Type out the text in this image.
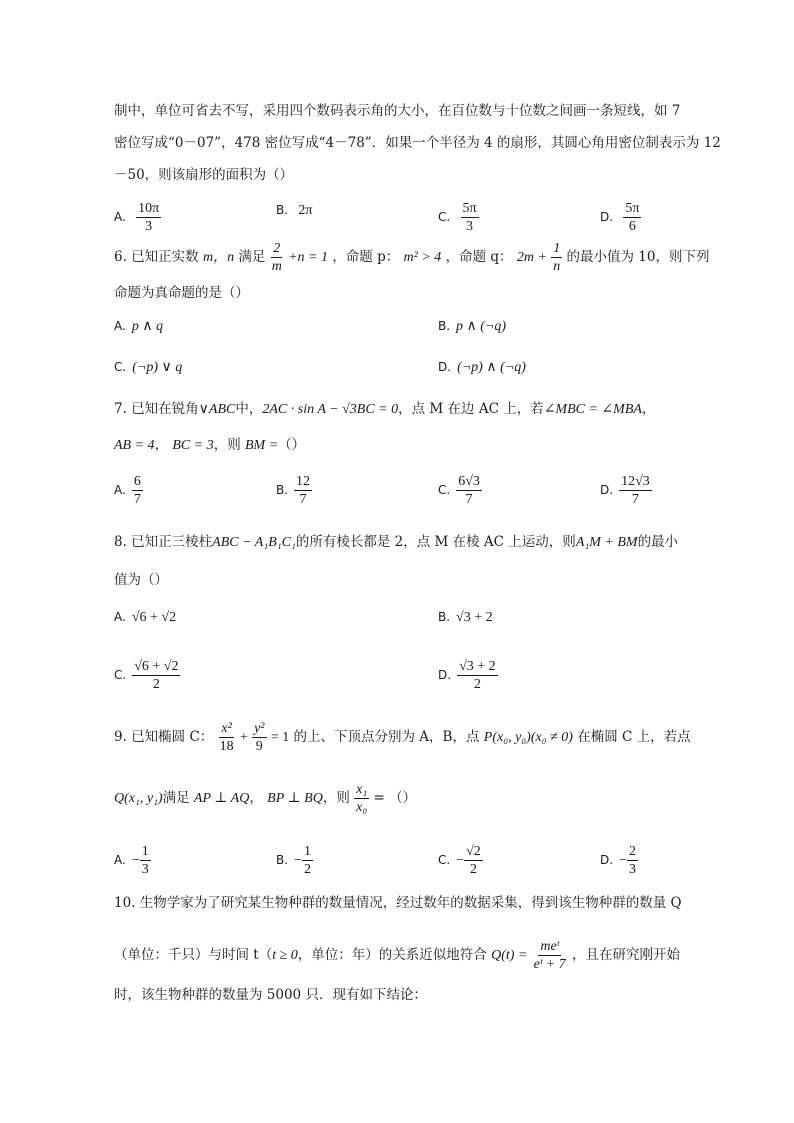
制中，单位可省去不写，采用四个数码表示角的大小，在百位数与十位数之间画一条短线，如 7
密位写成“0－07”，478 密位写成“4－78”．如果一个半径为 4 的扇形，其圆心角用密位制表示为 12
－50，则该扇形的面积为（）
A. $\frac{10\pi}{3}$	B. 2π	C. $\frac{5\pi}{3}$	D. $\frac{5\pi}{6}$
6. 已知正实数 m，n 满足 $\frac{2}{m} +n = 1$ ，命题 p： m² > 4 ，命题 q： $2m + \frac{1}{n}$ 的最小值为 10，则下列
命题为真命题的是（）
A. p ∧ q	B. p ∧ (¬q)
C. (¬p) ∨ q	D. (¬p) ∧ (¬q)
7. 已知在锐角∨ABC中，2AC · sin A − √3BC = 0，点 M 在边 AC 上，若∠MBC = ∠MBA，
AB = 4， BC = 3，则 BM =（）
A. $\frac{6}{7}$	B. $\frac{12}{7}$	C. $\frac{6√3}{7}$	D. $\frac{12√3}{7}$
8. 已知正三棱柱ABC − A₁B₁C₁的所有棱长都是 2，点 M 在棱 AC 上运动，则A₁M + BM的最小
值为（）
A. √6 + √2	B. √3 + 2
C. $\frac{√6 + √2}{2}$	D. $\frac{√3 + 2}{2}$
9. 已知椭圆 C： $\frac{\text{x²}}{18} + \frac{\text{y²}}{9} = 1$ 的上、下顶点分别为 A，B，点 P(x₀, y₀)(x₀ ≠ 0) 在椭圆 C 上，若点
Q(x₁, y₁)满足 AP ⊥ AQ， BP ⊥ BQ，则 $\frac{\text{x₁}}{\text{x₀}}$ = （）
A. − $\frac{1}{3}$	B. − $\frac{1}{2}$	C. − $\frac{√2}{2}$	D. − $\frac{2}{3}$
10. 生物学家为了研究某生物种群的数量情况，经过数年的数据采集，得到该生物种群的数量 Q
（单位：千只）与时间 t（t ≥ 0，单位：年）的关系近似地符合 $Q(t) = \frac{\text{meᵗ}}{\text{eᵗ + 7}}$ ，且在研究刚开始
时，该生物种群的数量为 5000 只．现有如下结论：
